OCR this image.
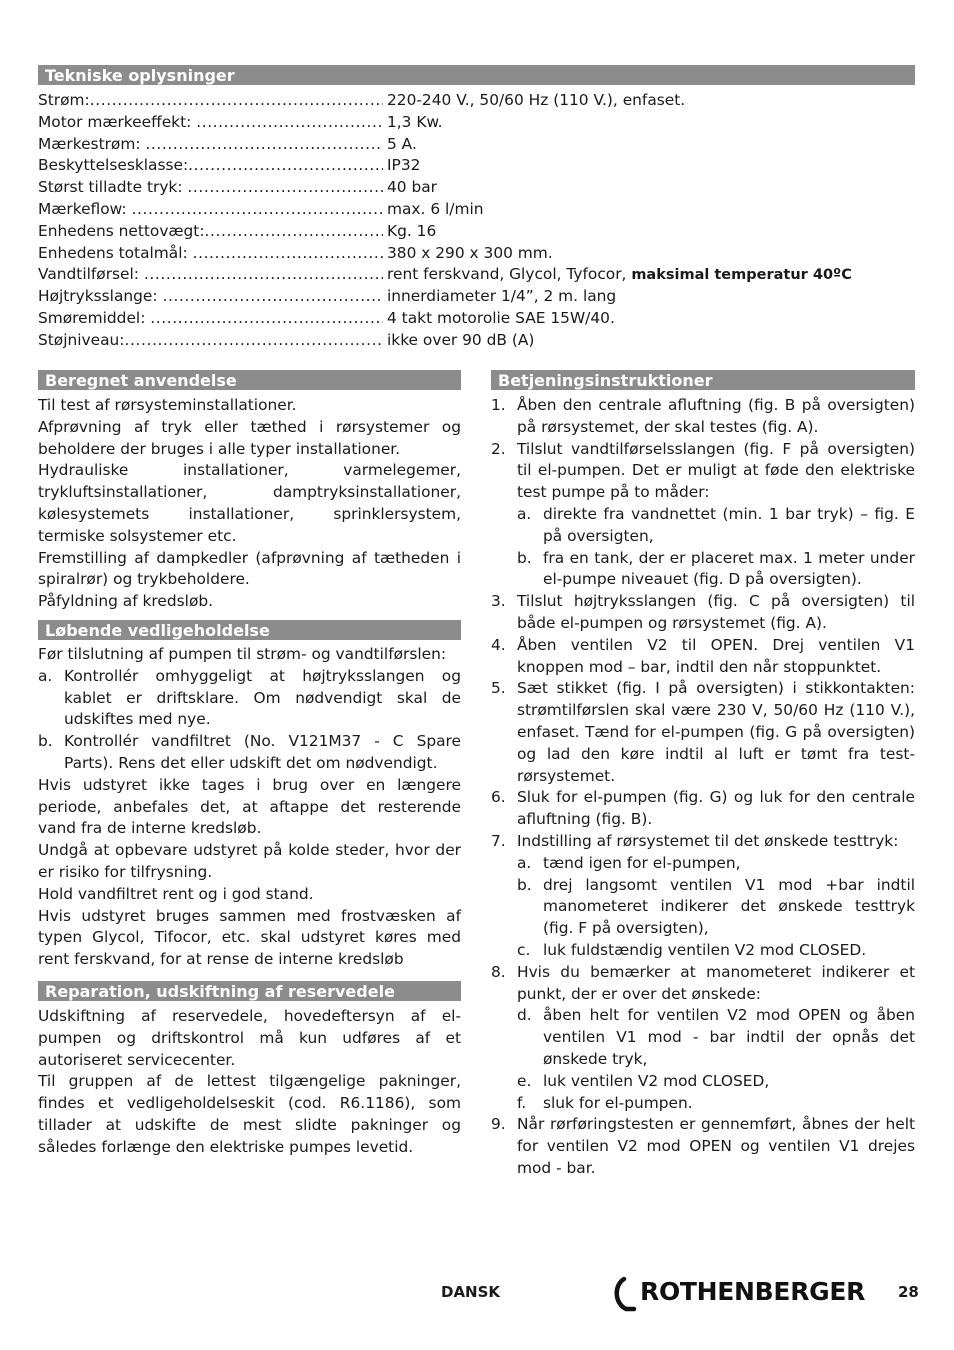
Tekniske oplysninger
Strøm: .....	220-240 V., 50/60 Hz (110 V.), enfaset.
Motor mærkeeffekt: .....	1,3 Kw.
Mærkestrøm: .....	5 A.
Beskyttelsesklasse: .....	IP32
Størst tilladte tryk: .....	40 bar
Mærkeflow: .....	max. 6 l/min
Enhedens nettovægt: .....	Kg. 16
Enhedens totalmål: .....	380 x 290 x 300 mm.
Vandtilførsel: .....	rent ferskvand, Glycol, Tyfocor, maksimal temperatur 40ºC
Højtryksslange: .....	innerdiameter 1/4”, 2 m. lang
Smøremiddel: .....	4 takt motorolie SAE 15W/40.
Støjniveau: .....	ikke over 90 dB (A)
Beregnet anvendelse

Til test af rørsysteminstallationer.

Afprøvning af tryk eller tæthed i rørsystemer og beholdere der bruges i alle typer installationer.

Hydrauliske installationer, varmelegemer, trykluftsinstallationer, damptryksinstallationer, kølesystemets installationer, sprinklersystem, termiske solsystemer etc.

Fremstilling af dampkedler (afprøvning af tætheden i spiralrør) og trykbeholdere.

Påfyldning af kredsløb.

Løbende vedligeholdelse

Før tilslutning af pumpen til strøm- og vandtilførslen:

a. Kontrollér omhyggeligt at højtryksslangen og kablet er driftsklare. Om nødvendigt skal de udskiftes med nye.
b. Kontrollér vandfiltret (No. V121M37 - C Spare Parts). Rens det eller udskift det om nødvendigt.

Hvis udstyret ikke tages i brug over en længere periode, anbefales det, at aftappe det resterende vand fra de interne kredsløb.

Undgå at opbevare udstyret på kolde steder, hvor der er risiko for tilfrysning.

Hold vandfiltret rent og i god stand.

Hvis udstyret bruges sammen med frostvæsken af typen Glycol, Tifocor, etc. skal udstyret køres med rent ferskvand, for at rense de interne kredsløb

Reparation, udskiftning af reservedele

Udskiftning af reservedele, hovedeftersyn af el-pumpen og driftskontrol må kun udføres af et autoriseret servicecenter.

Til gruppen af de lettest tilgængelige pakninger, findes et vedligeholdelseskit (cod. R6.1186), som tillader at udskifte de mest slidte pakninger og således forlænge den elektriske pumpes levetid.

Betjeningsinstruktioner
1. Åben den centrale afluftning (fig. B på oversigten) på rørsystemet, der skal testes (fig. A).
2. Tilslut vandtilførselsslangen (fig. F på oversigten) til el-pumpen. Det er muligt at føde den elektriske test pumpe på to måder:
a. direkte fra vandnettet (min. 1 bar tryk) – fig. E på oversigten,
b. fra en tank, der er placeret max. 1 meter under el-pumpe niveauet (fig. D på oversigten).
3. Tilslut højtryksslangen (fig. C på oversigten) til både el-pumpen og rørsystemet (fig. A).
4. Åben ventilen V2 til OPEN. Drej ventilen V1 knoppen mod – bar, indtil den når stoppunktet.
5. Sæt stikket (fig. I på oversigten) i stikkontakten: strømtilførslen skal være 230 V, 50/60 Hz (110 V.), enfaset. Tænd for el-pumpen (fig. G på oversigten) og lad den køre indtil al luft er tømt fra test-rørsystemet.
6. Sluk for el-pumpen (fig. G) og luk for den centrale afluftning (fig. B).
7. Indstilling af rørsystemet til det ønskede testtryk:
a. tænd igen for el-pumpen,
b. drej langsomt ventilen V1 mod +bar indtil manometeret indikerer det ønskede testtryk (fig. F på oversigten),
c. luk fuldstændig ventilen V2 mod CLOSED.
8. Hvis du bemærker at manometeret indikerer et punkt, der er over det ønskede:
d. åben helt for ventilen V2 mod OPEN og åben ventilen V1 mod - bar indtil der opnås det ønskede tryk,
e. luk ventilen V2 mod CLOSED,
f. sluk for el-pumpen.
9. Når rørføringstesten er gennemført, åbnes der helt for ventilen V2 mod OPEN og ventilen V1 drejes mod - bar.
DANSK	ROTHENBERGER 28
